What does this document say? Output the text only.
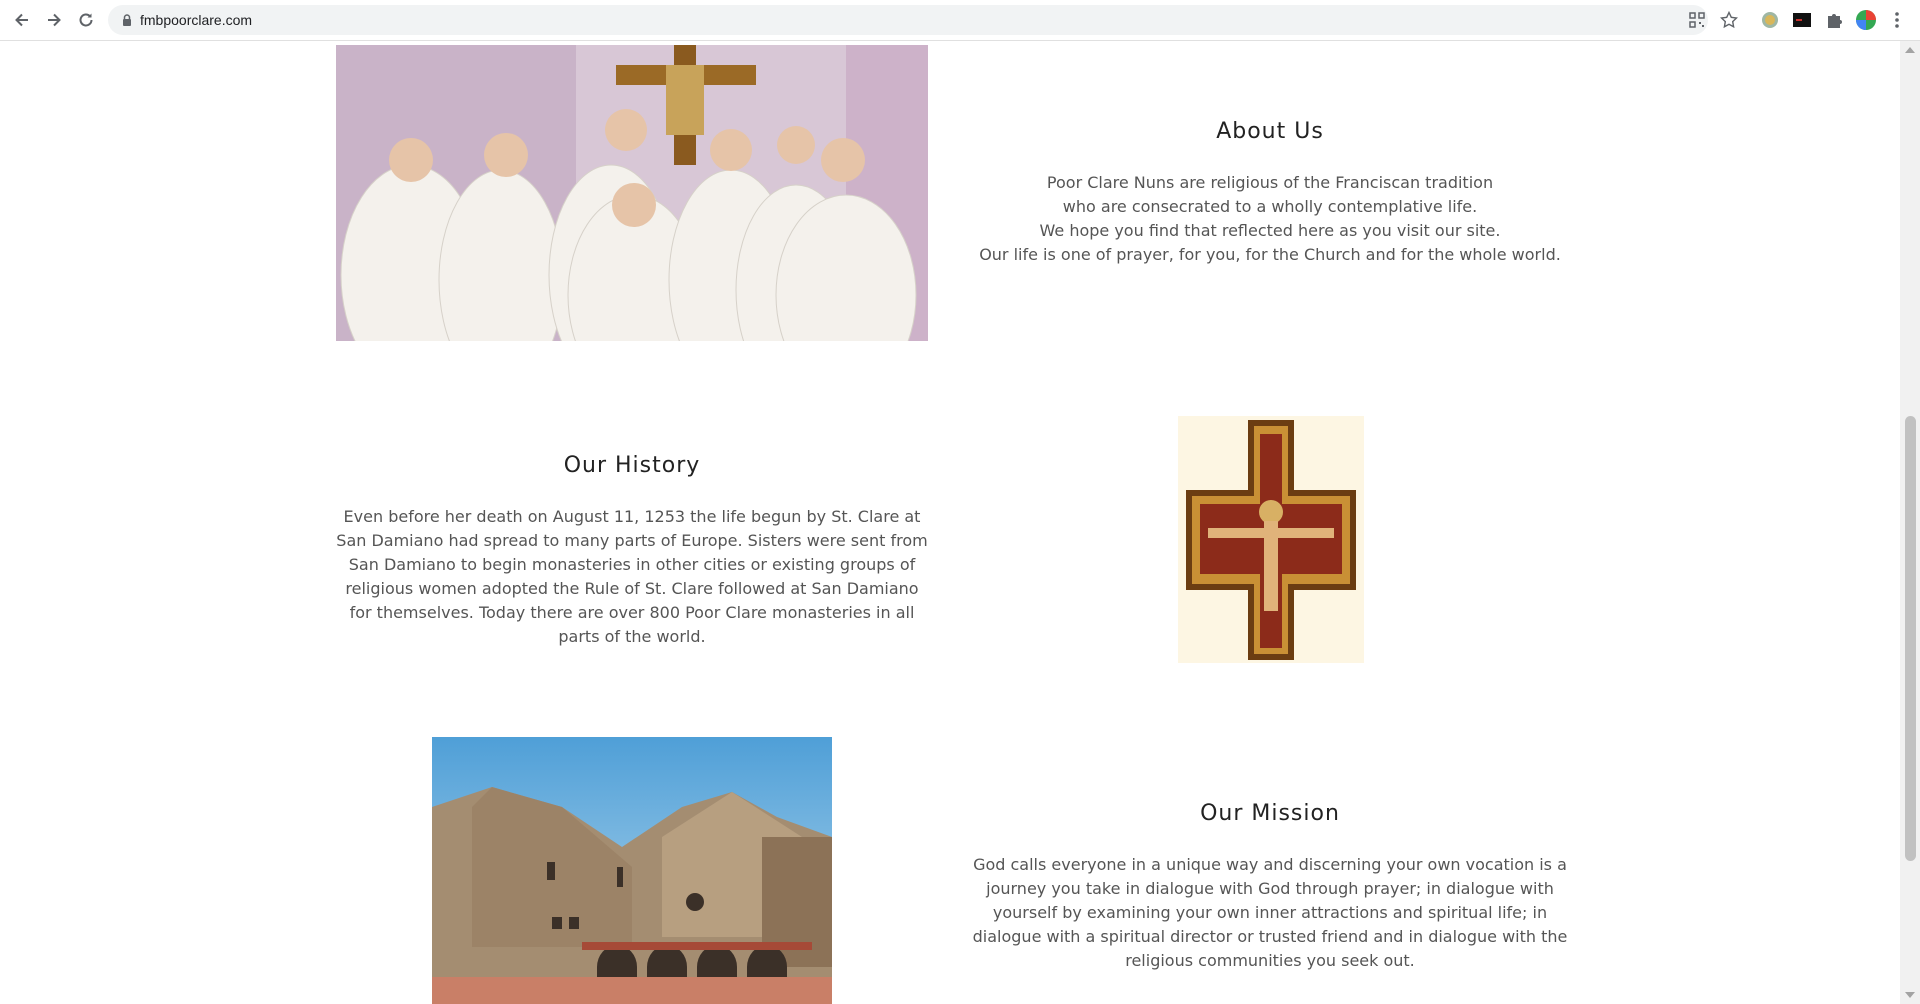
fmbpoorclare.com
About Us

Poor Clare Nuns are religious of the Franciscan tradition

who are consecrated to a wholly contemplative life.

We hope you find that reflected here as you visit our site.

Our life is one of prayer, for you, for the Church and for the whole world.

Our History

Even before her death on August 11, 1253 the life begun by St. Clare at San Damiano had spread to many parts of Europe. Sisters were sent from San Damiano to begin monasteries in other cities or existing groups of religious women adopted the Rule of St. Clare followed at San Damiano for themselves. Today there are over 800 Poor Clare monasteries in all parts of the world.

Our Mission

God calls everyone in a unique way and discerning your own vocation is a journey you take in dialogue with God through prayer; in dialogue with yourself by examining your own inner attractions and spiritual life; in dialogue with a spiritual director or trusted friend and in dialogue with the religious communities you seek out.
